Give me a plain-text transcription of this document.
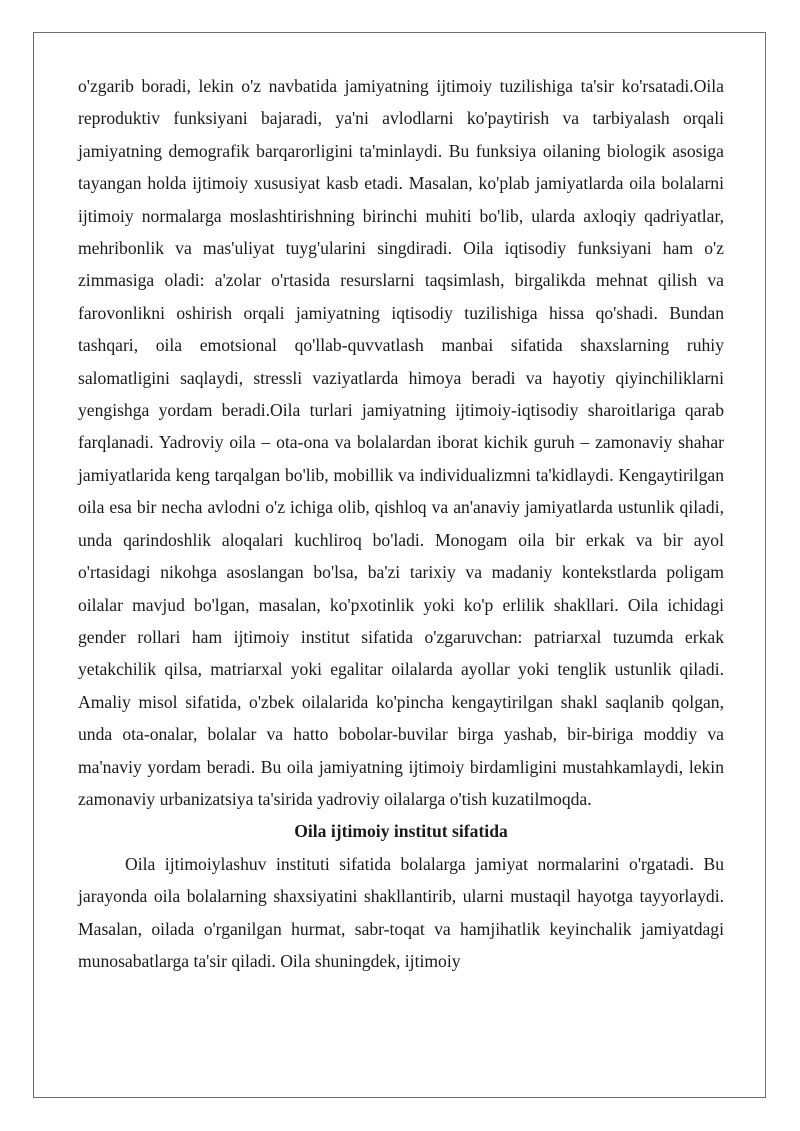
o'zgarib boradi, lekin o'z navbatida jamiyatning ijtimoiy tuzilishiga ta'sir ko'rsatadi.Oila reproduktiv funksiyani bajaradi, ya'ni avlodlarni ko'paytirish va tarbiyalash orqali jamiyatning demografik barqarorligini ta'minlaydi. Bu funksiya oilaning biologik asosiga tayangan holda ijtimoiy xususiyat kasb etadi. Masalan, ko'plab jamiyatlarda oila bolalarni ijtimoiy normalarga moslashtirishning birinchi muhiti bo'lib, ularda axloqiy qadriyatlar, mehribonlik va mas'uliyat tuyg'ularini singdiradi. Oila iqtisodiy funksiyani ham o'z zimmasiga oladi: a'zolar o'rtasida resurslarni taqsimlash, birgalikda mehnat qilish va farovonlikni oshirish orqali jamiyatning iqtisodiy tuzilishiga hissa qo'shadi. Bundan tashqari, oila emotsional qo'llab-quvvatlash manbai sifatida shaxslarning ruhiy salomatligini saqlaydi, stressli vaziyatlarda himoya beradi va hayotiy qiyinchiliklarni yengishga yordam beradi.Oila turlari jamiyatning ijtimoiy-iqtisodiy sharoitlariga qarab farqlanadi. Yadroviy oila – ota-ona va bolalardan iborat kichik guruh – zamonaviy shahar jamiyatlarida keng tarqalgan bo'lib, mobillik va individualizmni ta'kidlaydi. Kengaytirilgan oila esa bir necha avlodni o'z ichiga olib, qishloq va an'anaviy jamiyatlarda ustunlik qiladi, unda qarindoshlik aloqalari kuchliroq bo'ladi. Monogam oila bir erkak va bir ayol o'rtasidagi nikohga asoslangan bo'lsa, ba'zi tarixiy va madaniy kontekstlarda poligam oilalar mavjud bo'lgan, masalan, ko'pxotinlik yoki ko'p erlilik shakllari. Oila ichidagi gender rollari ham ijtimoiy institut sifatida o'zgaruvchan: patriarxal tuzumda erkak yetakchilik qilsa, matriarxal yoki egalitar oilalarda ayollar yoki tenglik ustunlik qiladi. Amaliy misol sifatida, o'zbek oilalarida ko'pincha kengaytirilgan shakl saqlanib qolgan, unda ota-onalar, bolalar va hatto bobolar-buvilar birga yashab, bir-biriga moddiy va ma'naviy yordam beradi. Bu oila jamiyatning ijtimoiy birdamligini mustahkamlaydi, lekin zamonaviy urbanizatsiya ta'sirida yadroviy oilalarga o'tish kuzatilmoqda.

Oila ijtimoiy institut sifatida

Oila ijtimoiylashuv instituti sifatida bolalarga jamiyat normalarini o'rgatadi. Bu jarayonda oila bolalarning shaxsiyatini shakllantirib, ularni mustaqil hayotga tayyorlaydi. Masalan, oilada o'rganilgan hurmat, sabr-toqat va hamjihatlik keyinchalik jamiyatdagi munosabatlarga ta'sir qiladi. Oila shuningdek, ijtimoiy
